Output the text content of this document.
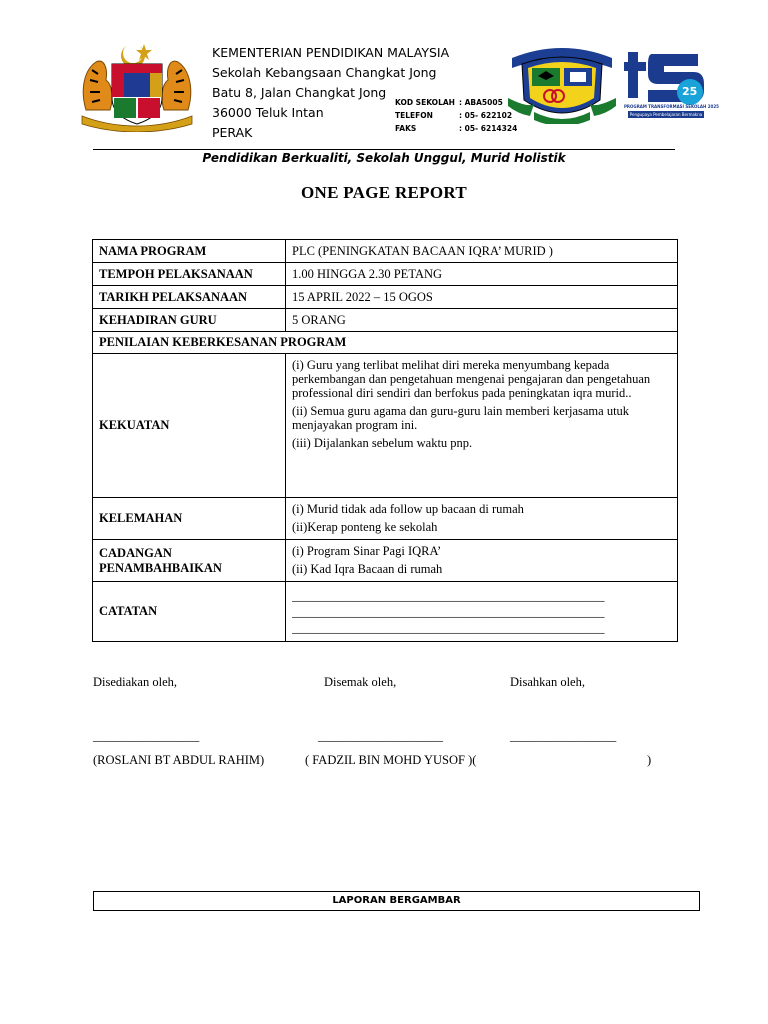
KEMENTERIAN PENDIDIKAN MALAYSIA
Sekolah Kebangsaan Changkat Jong
Batu 8, Jalan Changkat Jong
36000 Teluk Intan
PERAK
KOD SEKOLAH : ABA5005
TELEFON	: 05- 622102
FAKS	: 05- 6214324
25
PROGRAM TRANSFORMASI SEKOLAH 2025
Pengupaya Pembelajaran Bermakna
Pendidikan Berkualiti, Sekolah Unggul, Murid Holistik
ONE PAGE REPORT
NAMA PROGRAM	PLC (PENINGKATAN BACAAN IQRA’ MURID )
TEMPOH PELAKSANAAN	1.00 HINGGA 2.30 PETANG
TARIKH PELAKSANAAN	15 APRIL 2022 – 15 OGOS
KEHADIRAN GURU	5 ORANG
PENILAIAN KEBERKESANAN PROGRAM	
KEKUATAN	(i) Guru yang terlibat melihat diri mereka menyumbang kepada perkembangan dan pengetahuan mengenai pengajaran dan pengetahuan professional diri sendiri dan berfokus pada peningkatan iqra murid..

(ii) Semua guru agama dan guru-guru lain memberi kerjasama utuk menjayakan program ini.

(iii) Dijalankan sebelum waktu pnp.

KELEMAHAN	(i) Murid tidak ada follow up bacaan di rumah

(ii)Kerap ponteng ke sekolah

CADANGAN PENAMBAHBAIKAN	(i) Program Sinar Pagi IQRA’

(ii) Kad Iqra Bacaan di rumah

CATATAN	__________________________________________________
__________________________________________________
__________________________________________________
Disediakan oleh,	Disemak oleh,	Disahkan oleh,
_________________	____________________	_________________
(ROSLANI BT ABDUL RAHIM)	( FADZIL BIN MOHD YUSOF )(	)
LAPORAN BERGAMBAR
